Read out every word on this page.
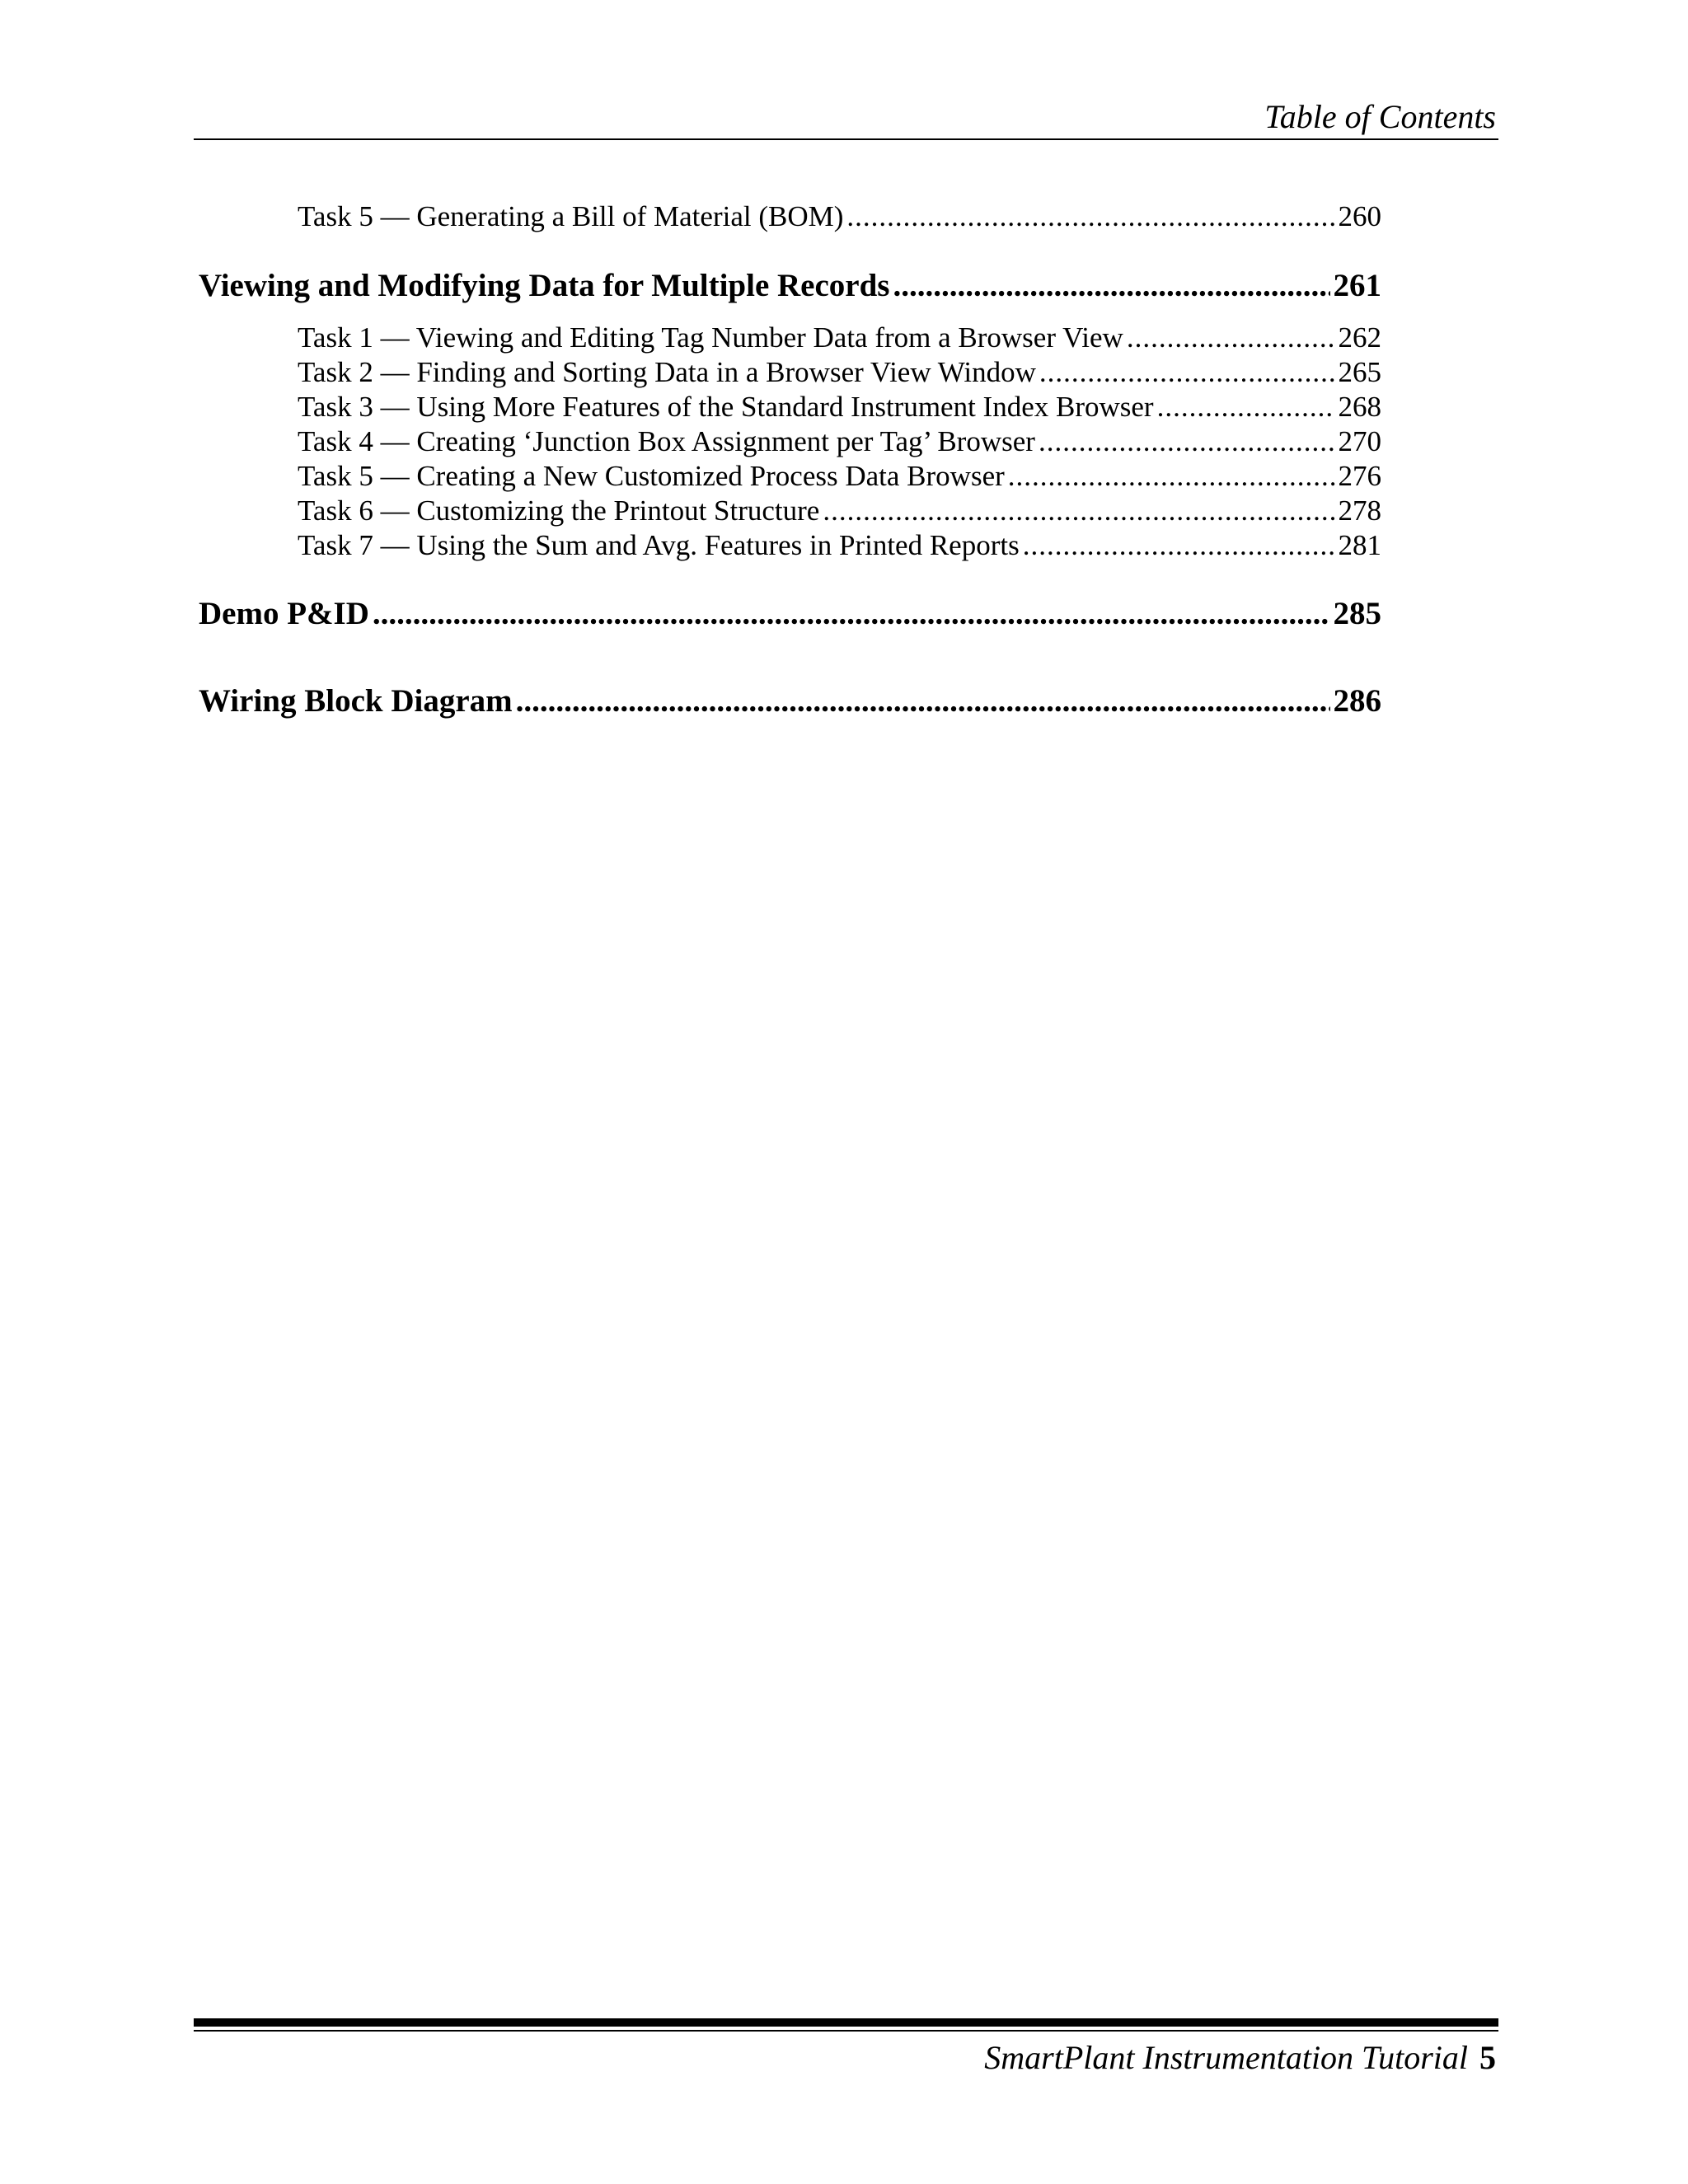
Table of Contents
Task 5 — Generating a Bill of Material (BOM) .....	260
Viewing and Modifying Data for Multiple Records .....	261
Task 1 — Viewing and Editing Tag Number Data from a Browser View .....	262
Task 2 — Finding and Sorting Data in a Browser View Window .....	265
Task 3 — Using More Features of the Standard Instrument Index Browser .....	268
Task 4 — Creating ‘Junction Box Assignment per Tag’ Browser .....	270
Task 5 — Creating a New Customized Process Data Browser .....	276
Task 6 — Customizing the Printout Structure .....	278
Task 7 — Using the Sum and Avg. Features in Printed Reports .....	281
Demo P&ID .....	285
Wiring Block Diagram .....	286
SmartPlant Instrumentation Tutorial 5
